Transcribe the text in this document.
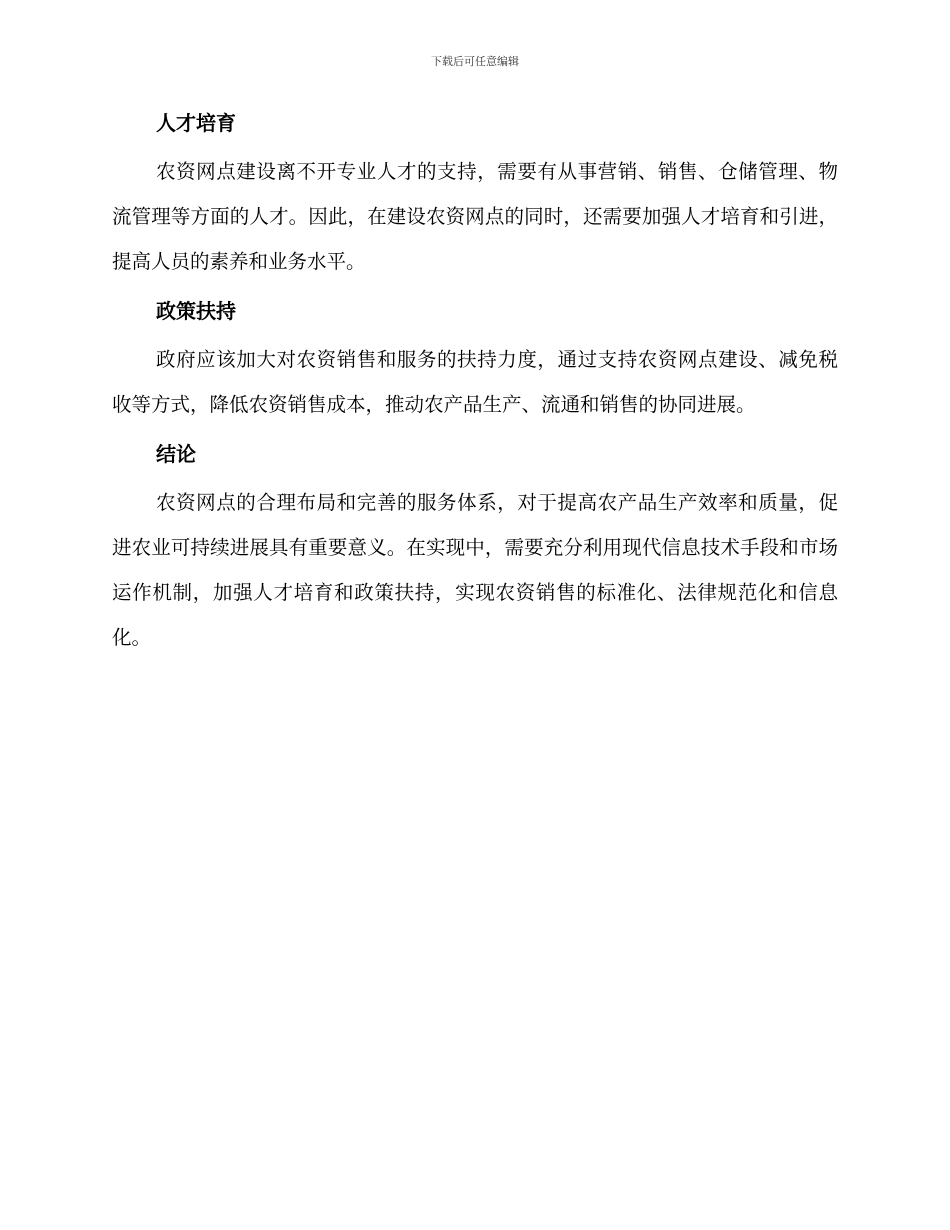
下载后可任意编辑
人才培育

农资网点建设离不开专业人才的支持，需要有从事营销、销售、仓储管理、物流管理等方面的人才。因此，在建设农资网点的同时，还需要加强人才培育和引进，提高人员的素养和业务水平。

政策扶持

政府应该加大对农资销售和服务的扶持力度，通过支持农资网点建设、减免税收等方式，降低农资销售成本，推动农产品生产、流通和销售的协同进展。

结论

农资网点的合理布局和完善的服务体系，对于提高农产品生产效率和质量，促进农业可持续进展具有重要意义。在实现中，需要充分利用现代信息技术手段和市场运作机制，加强人才培育和政策扶持，实现农资销售的标准化、法律规范化和信息化。
